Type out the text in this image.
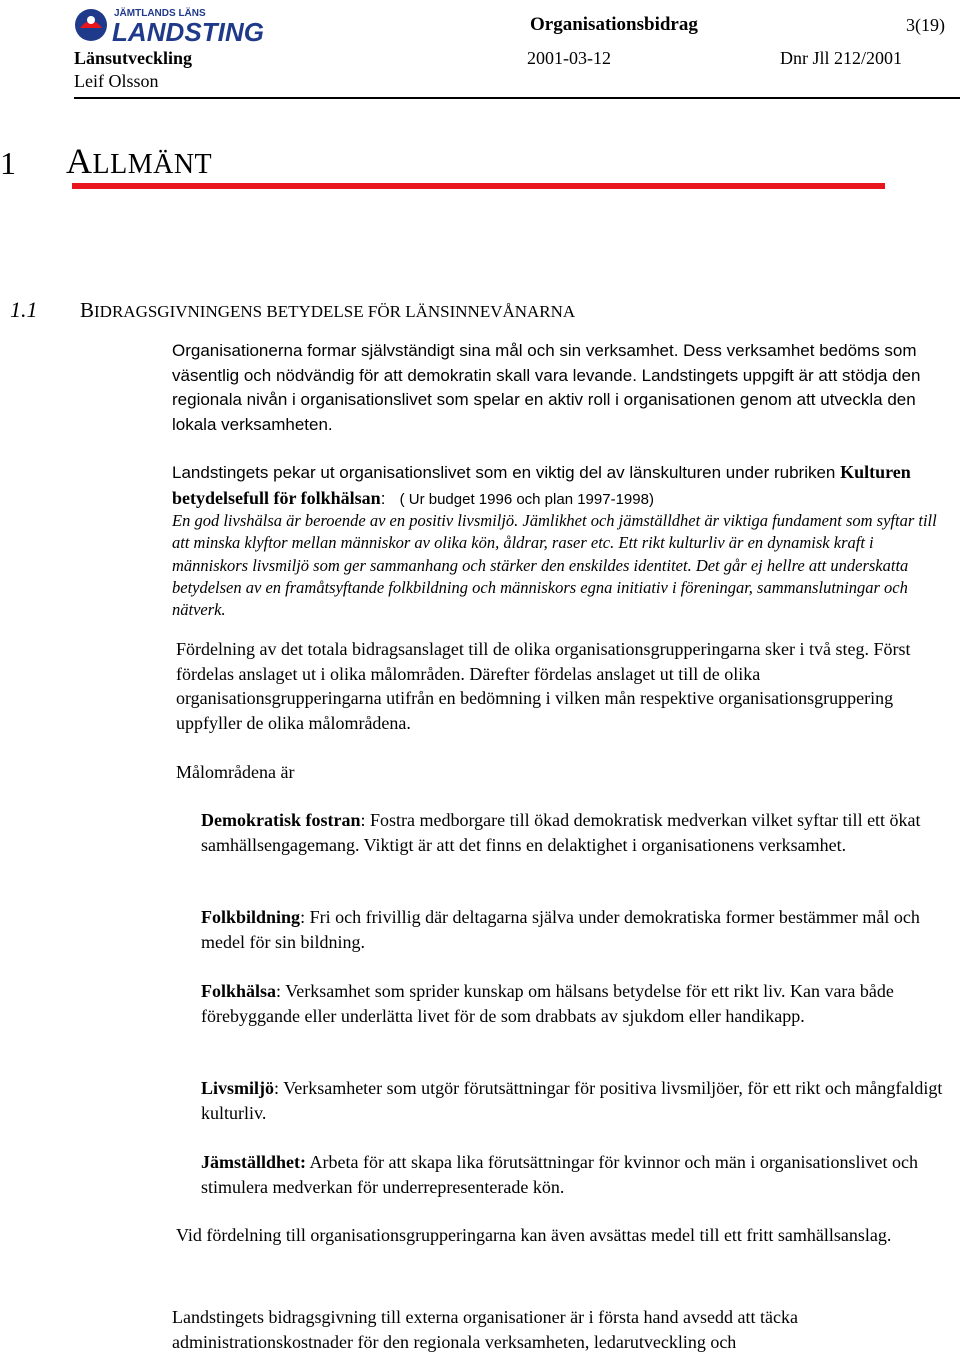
JÄMTLANDS LÄNS
LANDSTING	Organisationsbidrag	3(19)
Länsutveckling	2001-03-12	Dnr Jll 212/2001
Leif Olsson
1 ALLMÄNT
1.1 BIDRAGSGIVNINGENS BETYDELSE FÖR LÄNSINNEVÅNARNA
Organisationerna formar självständigt sina mål och sin verksamhet. Dess verksamhet bedöms som väsentlig och nödvändig för att demokratin skall vara levande. Landstingets uppgift är att stödja den regionala nivån i organisationslivet som spelar en aktiv roll i organisationen genom att utveckla den lokala verksamheten.
Landstingets pekar ut organisationslivet som en viktig del av länskulturen under rubriken Kulturen betydelsefull för folkhälsan: ( Ur budget 1996 och plan 1997-1998)
En god livshälsa är beroende av en positiv livsmiljö. Jämlikhet och jämställdhet är viktiga fundament som syftar till att minska klyftor mellan människor av olika kön, åldrar, raser etc. Ett rikt kulturliv är en dynamisk kraft i människors livsmiljö som ger sammanhang och stärker den enskildes identitet. Det går ej hellre att underskatta betydelsen av en framåtsyftande folkbildning och människors egna initiativ i föreningar, sammanslutningar och nätverk.
Fördelning av det totala bidragsanslaget till de olika organisationsgrupperingarna sker i två steg. Först fördelas anslaget ut i olika målområden. Därefter fördelas anslaget ut till de olika organisationsgrupperingarna utifrån en bedömning i vilken mån respektive organisationsgruppering uppfyller de olika målområdena.
Målområdena är
Demokratisk fostran: Fostra medborgare till ökad demokratisk medverkan vilket syftar till ett ökat samhällsengagemang. Viktigt är att det finns en delaktighet i organisationens verksamhet.
Folkbildning: Fri och frivillig där deltagarna själva under demokratiska former bestämmer mål och medel för sin bildning.
Folkhälsa: Verksamhet som sprider kunskap om hälsans betydelse för ett rikt liv. Kan vara både förebyggande eller underlätta livet för de som drabbats av sjukdom eller handikapp.
Livsmiljö: Verksamheter som utgör förutsättningar för positiva livsmiljöer, för ett rikt och mångfaldigt kulturliv.
Jämställdhet: Arbeta för att skapa lika förutsättningar för kvinnor och män i organisationslivet och stimulera medverkan för underrepresenterade kön.
Vid fördelning till organisationsgrupperingarna kan även avsättas medel till ett fritt samhällsanslag.
Landstingets bidragsgivning till externa organisationer är i första hand avsedd att täcka administrationskostnader för den regionala verksamheten, ledarutveckling och
